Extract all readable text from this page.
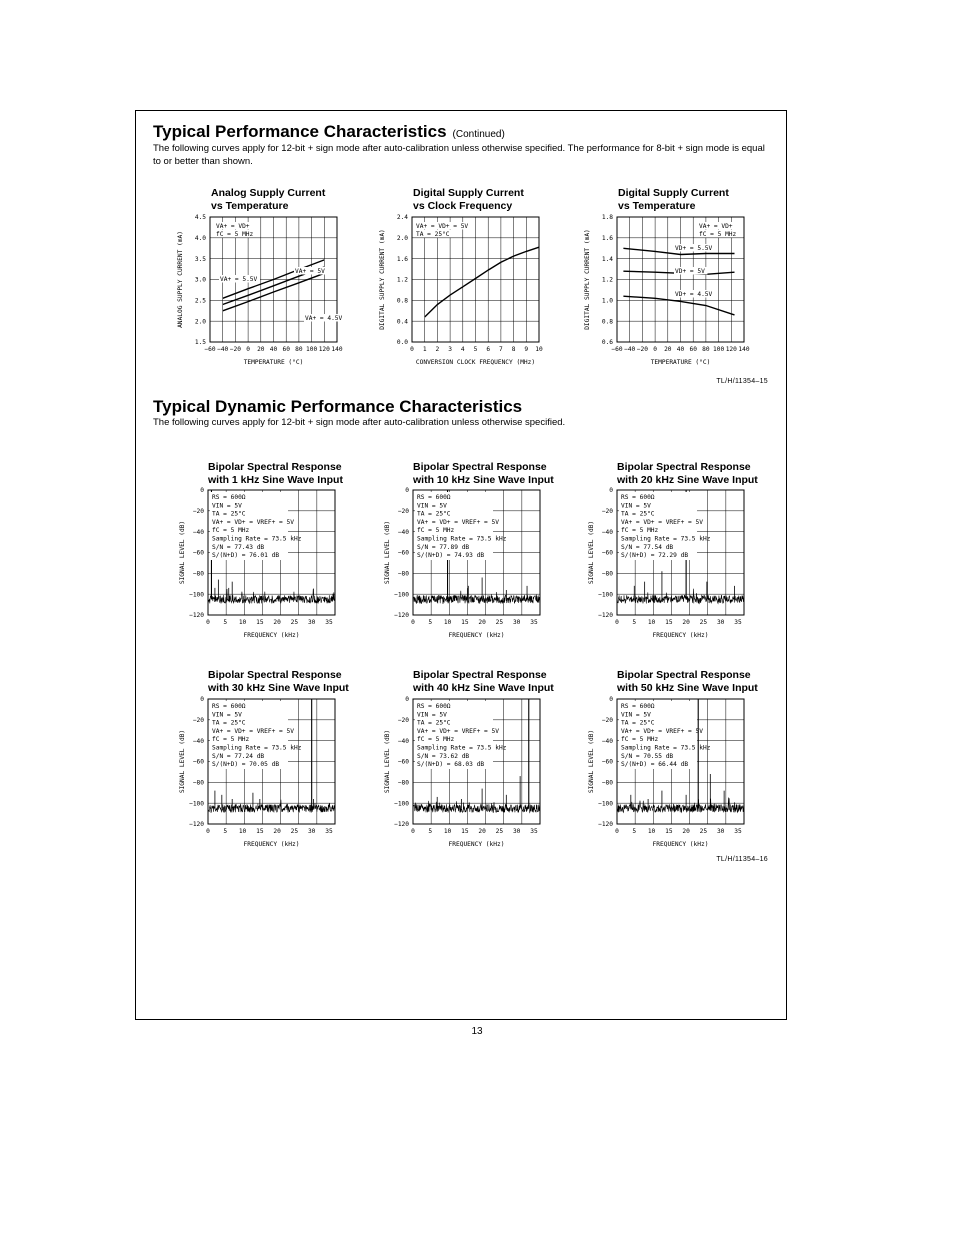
Typical Performance Characteristics (Continued)

The following curves apply for 12-bit + sign mode after auto-calibration unless otherwise specified. The performance for 8-bit + sign mode is equal to or better than shown.

Analog Supply Current
vs Temperature
Digital Supply Current
vs Clock Frequency
Digital Supply Current
vs Temperature
1.5
2.0
2.5
3.0
3.5
4.0
4.5
−60 −40 −20 0 20 40 60 80 100 120 140
TEMPERATURE (°C)
ANALOG SUPPLY CURRENT (mA)
VA+ = VD+
fC = 5 MHz
VA+ = 5.5V
VA+ = 5V
VA+ = 4.5V
0.0
0.4
0.8
1.2
1.6
2.0
2.4
0 1 2 3 4 5 6 7 8 9 10
CONVERSION CLOCK FREQUENCY (MHz)
DIGITAL SUPPLY CURRENT (mA)
VA+ = VD+ = 5V
TA = 25°C
0.6
0.8
1.0
1.2
1.4
1.6
1.8
−60 −40 −20 0 20 40 60 80 100 120 140
TEMPERATURE (°C)
DIGITAL SUPPLY CURRENT (mA)
VA+ = VD+
fC = 5 MHz
VD+ = 5.5V
VD+ = 5V
VD+ = 4.5V
TL/H/11354–15
Typical Dynamic Performance Characteristics

The following curves apply for 12-bit + sign mode after auto-calibration unless otherwise specified.

Bipolar Spectral Response
with 1 kHz Sine Wave Input
Bipolar Spectral Response
with 10 kHz Sine Wave Input
Bipolar Spectral Response
with 20 kHz Sine Wave Input
Bipolar Spectral Response
with 30 kHz Sine Wave Input
Bipolar Spectral Response
with 40 kHz Sine Wave Input
Bipolar Spectral Response
with 50 kHz Sine Wave Input
0
−20
−40
−60
−80
−100
−120
0 5 10 15 20 25 30 35
FREQUENCY (kHz)
SIGNAL LEVEL (dB)
RS = 600Ω
VIN = 5V
TA = 25°C
VA+ = VD+ = VREF+ = 5V
fC = 5 MHz
Sampling Rate = 73.5 kHz
S/N = 77.43 dB
S/(N+D) = 76.01 dB
0
−20
−40
−60
−80
−100
−120
0 5 10 15 20 25 30 35
FREQUENCY (kHz)
SIGNAL LEVEL (dB)
RS = 600Ω
VIN = 5V
TA = 25°C
VA+ = VD+ = VREF+ = 5V
fC = 5 MHz
Sampling Rate = 73.5 kHz
S/N = 77.89 dB
S/(N+D) = 74.93 dB
0
−20
−40
−60
−80
−100
−120
0 5 10 15 20 25 30 35
FREQUENCY (kHz)
SIGNAL LEVEL (dB)
RS = 600Ω
VIN = 5V
TA = 25°C
VA+ = VD+ = VREF+ = 5V
fC = 5 MHz
Sampling Rate = 73.5 kHz
S/N = 77.54 dB
S/(N+D) = 72.29 dB
0
−20
−40
−60
−80
−100
−120
0 5 10 15 20 25 30 35
FREQUENCY (kHz)
SIGNAL LEVEL (dB)
RS = 600Ω
VIN = 5V
TA = 25°C
VA+ = VD+ = VREF+ = 5V
fC = 5 MHz
Sampling Rate = 73.5 kHz
S/N = 77.24 dB
S/(N+D) = 70.05 dB
0
−20
−40
−60
−80
−100
−120
0 5 10 15 20 25 30 35
FREQUENCY (kHz)
SIGNAL LEVEL (dB)
RS = 600Ω
VIN = 5V
TA = 25°C
VA+ = VD+ = VREF+ = 5V
fC = 5 MHz
Sampling Rate = 73.5 kHz
S/N = 73.62 dB
S/(N+D) = 68.03 dB
0
−20
−40
−60
−80
−100
−120
0 5 10 15 20 25 30 35
FREQUENCY (kHz)
SIGNAL LEVEL (dB)
RS = 600Ω
VIN = 5V
TA = 25°C
VA+ = VD+ = VREF+ = 5V
fC = 5 MHz
Sampling Rate = 73.5 kHz
S/N = 70.55 dB
S/(N+D) = 66.44 dB
TL/H/11354–16
13
